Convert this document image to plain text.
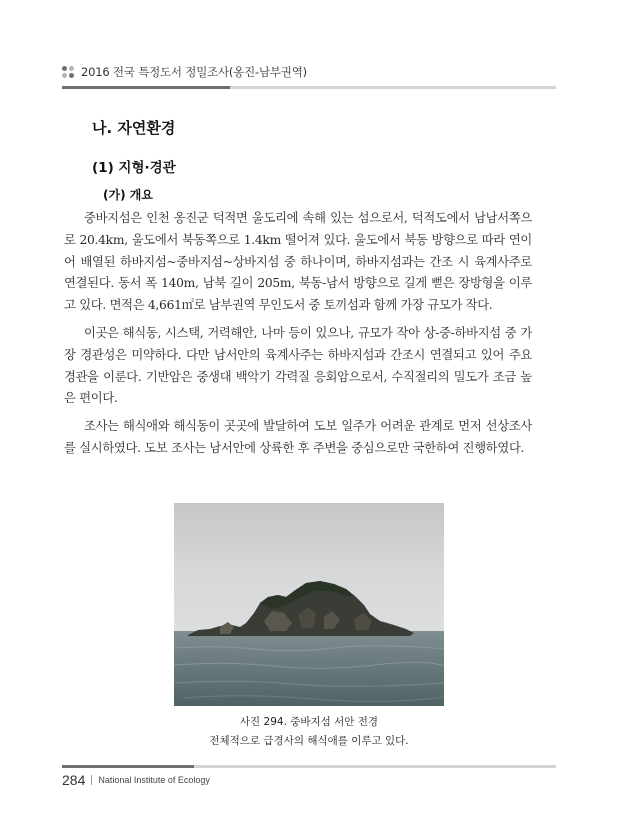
2016 전국 특정도서 정밀조사(옹진-남부권역)
나. 자연환경
(1) 지형·경관
(가) 개요

중바지섬은 인천 옹진군 덕적면 울도리에 속해 있는 섬으로서, 덕적도에서 남남서쪽으로 20.4km, 울도에서 북동쪽으로 1.4km 떨어져 있다. 울도에서 북동 방향으로 따라 연이어 배열된 하바지섬~중바지섬~상바지섬 중 하나이며, 하바지섬과는 간조 시 육계사주로 연결된다. 동서 폭 140m, 남북 길이 205m, 북동-남서 방향으로 길게 뻗은 장방형을 이루고 있다. 면적은 4,661㎡로 남부권역 무인도서 중 토끼섬과 함께 가장 규모가 작다.

이곳은 해식동, 시스택, 거력해안, 나마 등이 있으나, 규모가 작아 상-중-하바지섬 중 가장 경관성은 미약하다. 다만 남서안의 육계사주는 하바지섬과 간조시 연결되고 있어 주요 경관을 이룬다. 기반암은 중생대 백악기 각력질 응회암으로서, 수직절리의 밀도가 조금 높은 편이다.

조사는 해식애와 해식동이 곳곳에 발달하여 도보 일주가 어려운 관계로 먼저 선상조사를 실시하였다. 도보 조사는 남서안에 상륙한 후 주변을 중심으로만 국한하여 진행하였다.

사진 294. 중바지섬 서안 전경
전체적으로 급경사의 해식애를 이루고 있다.
284 National Institute of Ecology
